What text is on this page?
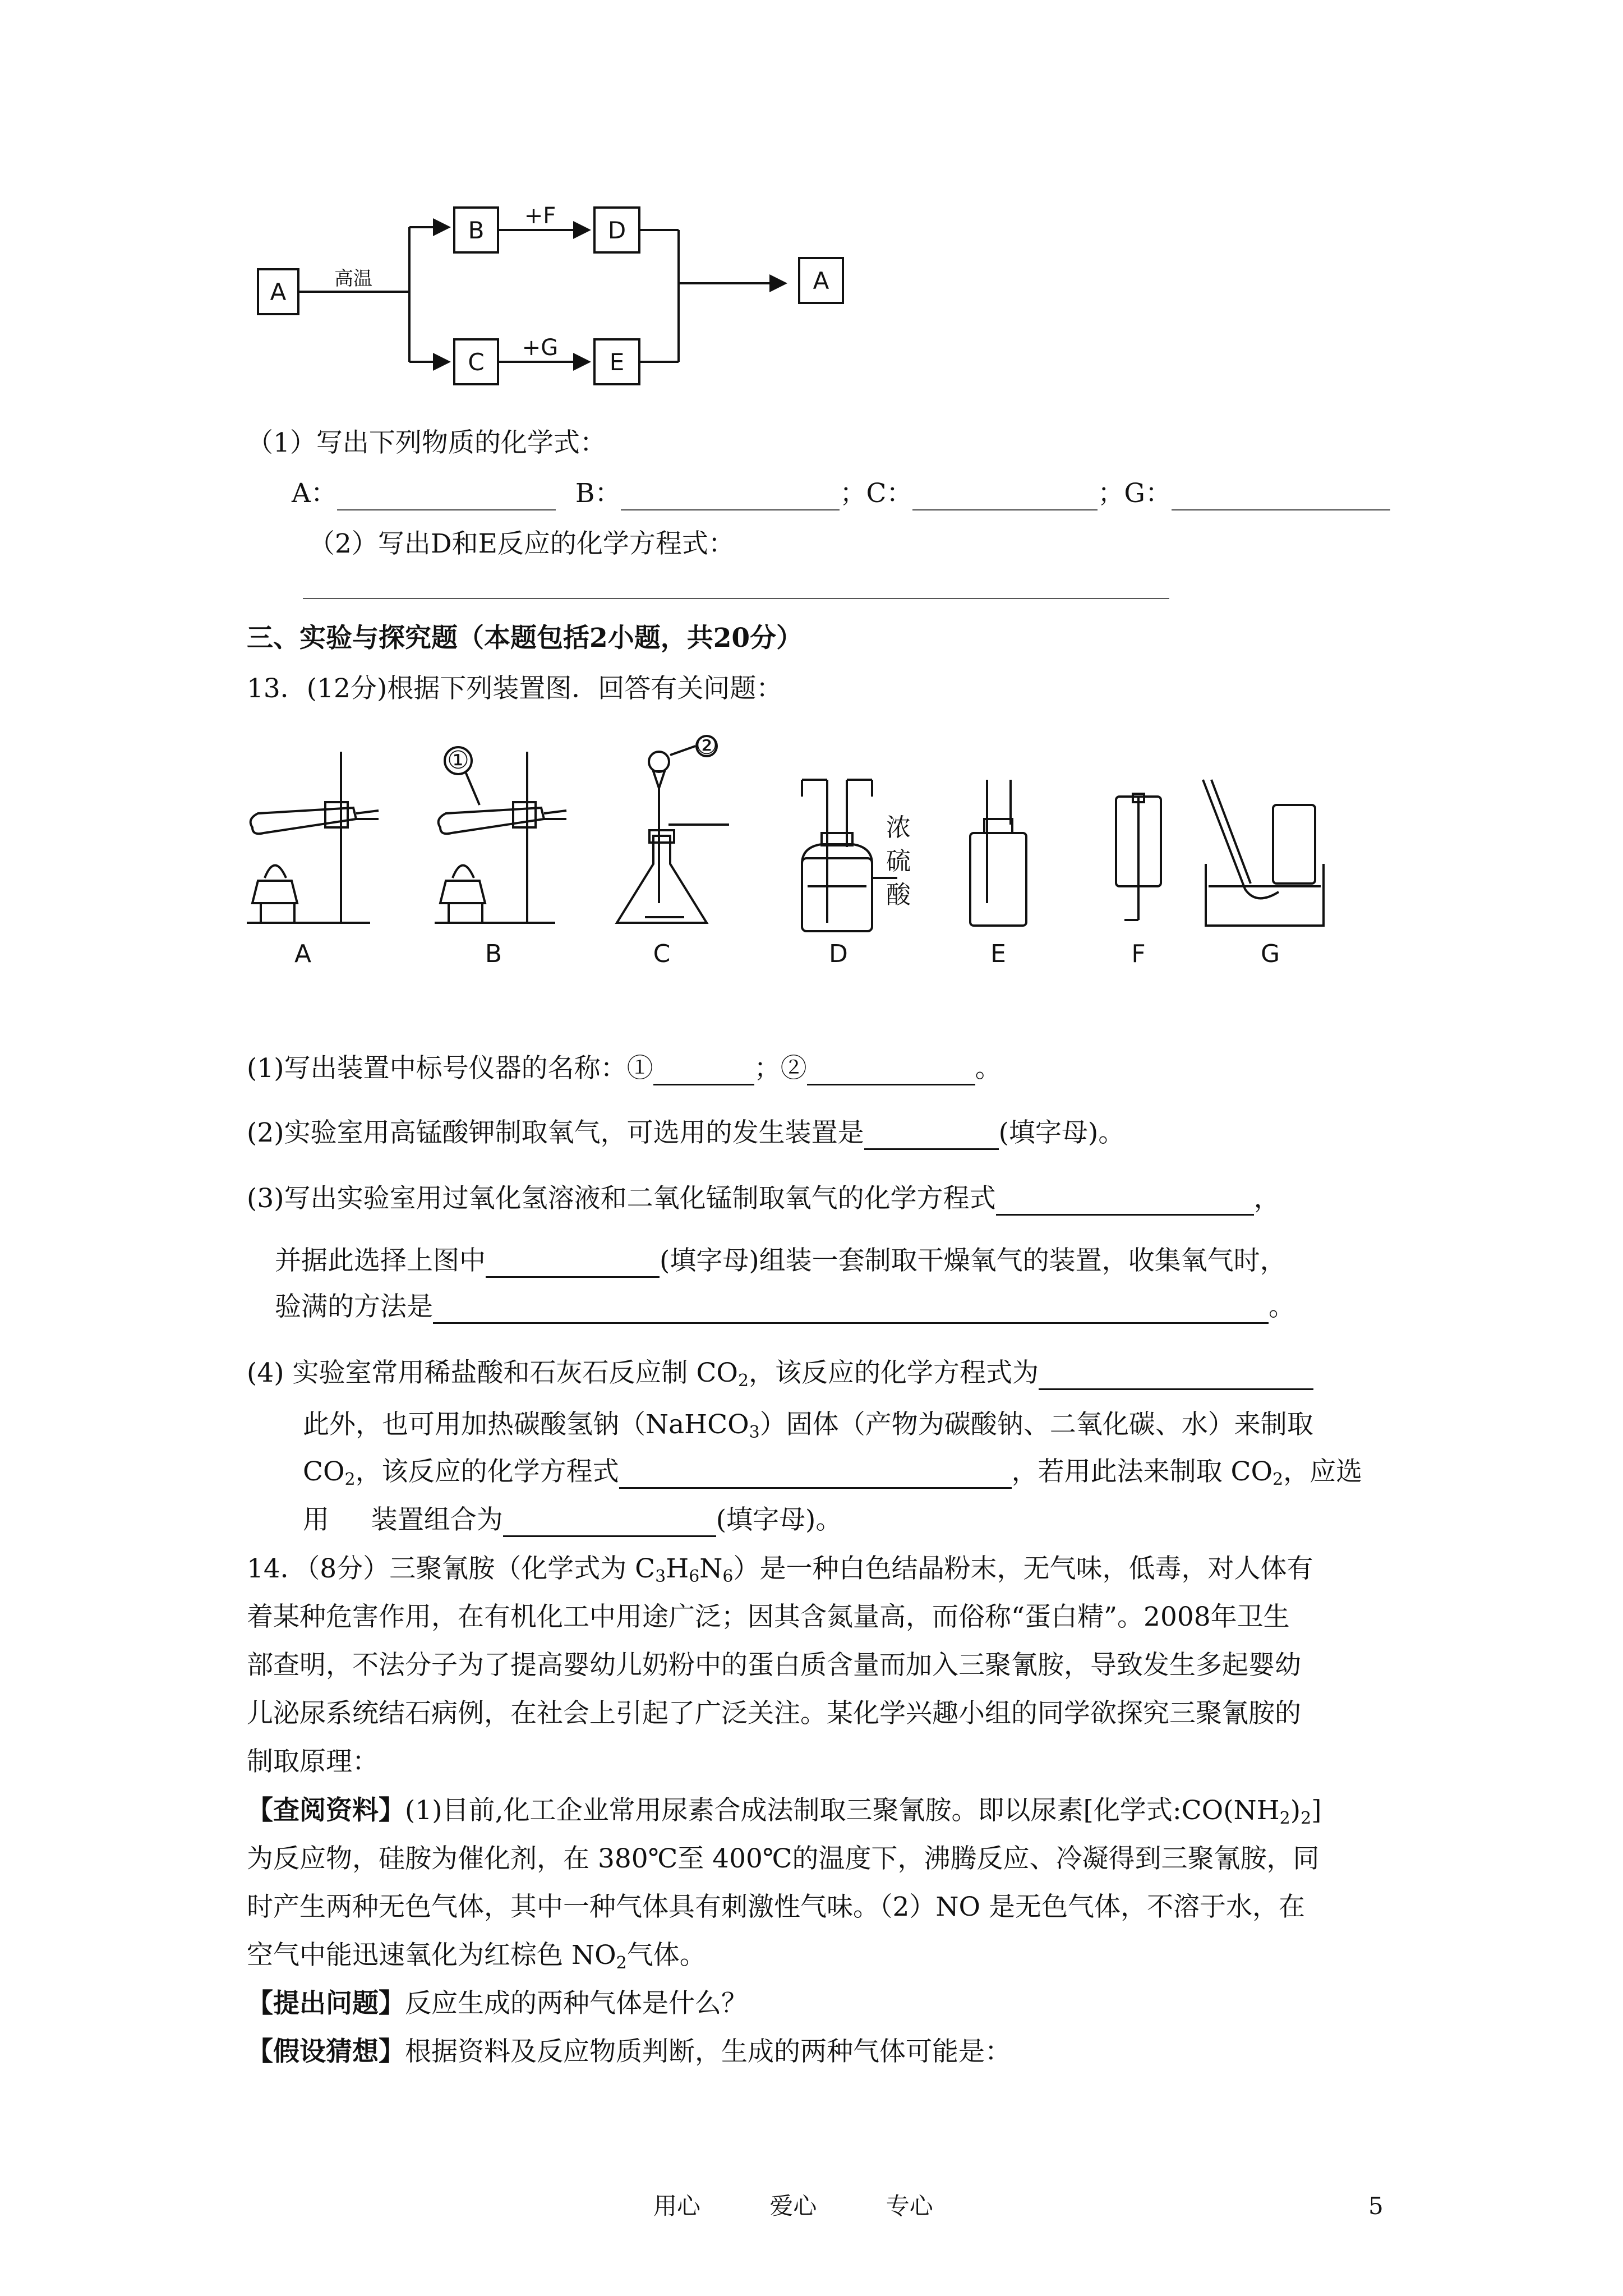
A	高温
B
C
+F
+G
D
E
A
（1）写出下列物质的化学式：
A：	B：	；C：	；G：
（2）写出D和E反应的化学方程式：
三、实验与探究题（本题包括2小题，共20分）
13．(12分)根据下列装置图．回答有关问题：
①
②
浓
硫
酸
A	B	C	D	E	F	G
(1)写出装置中标号仪器的名称：①	；②	。
(2)实验室用高锰酸钾制取氧气，可选用的发生装置是	(填字母)。
(3)写出实验室用过氧化氢溶液和二氧化锰制取氧气的化学方程式	，
并据此选择上图中	(填字母)组装一套制取干燥氧气的装置，收集氧气时，
验满的方法是	。
(4) 实验室常用稀盐酸和石灰石反应制 $CO_2$，该反应的化学方程式为
此外，也可用加热碳酸氢钠（NaHCO$_3$）固体（产物为碳酸钠、二氧化碳、水）来制取
$CO_2$，该反应的化学方程式	，若用此法来制取 $CO_2$，应选
用     装置组合为	(填字母)。
14．（8分）三聚氰胺（化学式为 $C_3H_6N_6$）是一种白色结晶粉末，无气味，低毒，对人体有
着某种危害作用，在有机化工中用途广泛；因其含氮量高，而俗称“蛋白精”。2008年卫生
部查明，不法分子为了提高婴幼儿奶粉中的蛋白质含量而加入三聚氰胺，导致发生多起婴幼
儿泌尿系统结石病例，在社会上引起了广泛关注。某化学兴趣小组的同学欲探究三聚氰胺的
制取原理：
【查阅资料】(1)目前,化工企业常用尿素合成法制取三聚氰胺。即以尿素[化学式$:CO(NH_2)_2$]
为反应物，硅胺为催化剂，在 380℃至 400℃的温度下，沸腾反应、冷凝得到三聚氰胺，同
时产生两种无色气体，其中一种气体具有刺激性气味。（2）NO 是无色气体，不溶于水，在
空气中能迅速氧化为红棕色 $NO_2$气体。
【提出问题】反应生成的两种气体是什么？
【假设猜想】根据资料及反应物质判断，生成的两种气体可能是：
用心	爱心	专心	5
